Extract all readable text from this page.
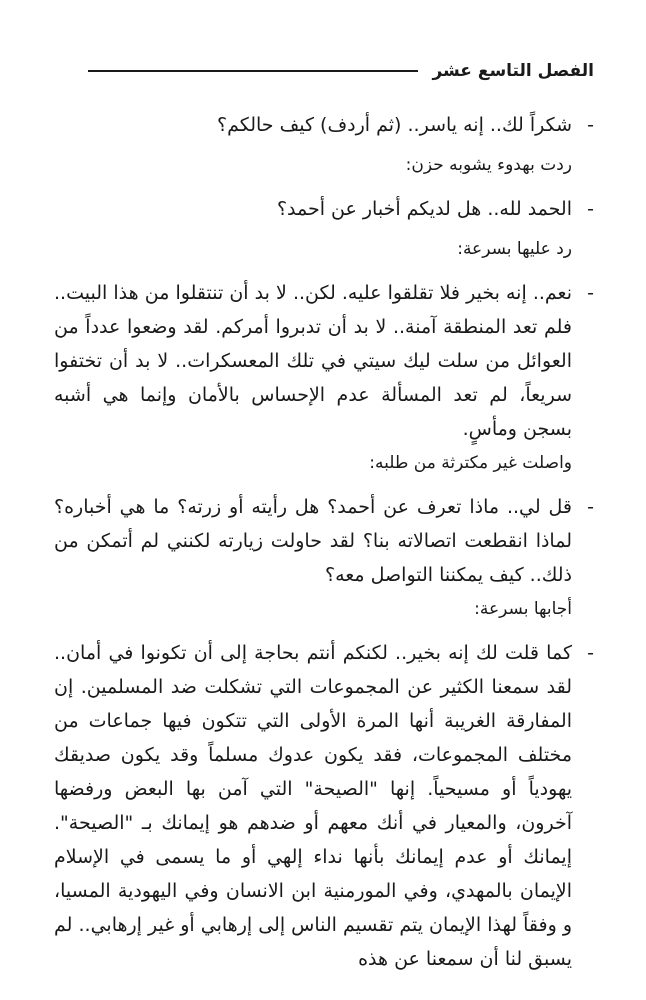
الفصل التاسع عشر

-
شكراً لك.. إنه ياسر.. (ثم أردف) كيف حالكم؟

ردت بهدوء يشوبه حزن:

-
الحمد لله.. هل لديكم أخبار عن أحمد؟

رد عليها بسرعة:

-
نعم.. إنه بخير فلا تقلقوا عليه. لكن.. لا بد أن تنتقلوا من هذا البيت.. فلم تعد المنطقة آمنة.. لا بد أن تدبروا أمركم. لقد وضعوا عدداً من العوائل من سلت ليك سيتي في تلك المعسكرات.. لا بد أن تختفوا سريعاً، لم تعد المسألة عدم الإحساس بالأمان وإنما هي أشبه بسجن ومأسٍ.

واصلت غير مكترثة من طلبه:

-
قل لي.. ماذا تعرف عن أحمد؟ هل رأيته أو زرته؟ ما هي أخباره؟ لماذا انقطعت اتصالاته بنا؟ لقد حاولت زيارته لكنني لم أتمكن من ذلك.. كيف يمكننا التواصل معه؟

أجابها بسرعة:

-
كما قلت لك إنه بخير.. لكنكم أنتم بحاجة إلى أن تكونوا في أمان.. لقد سمعنا الكثير عن المجموعات التي تشكلت ضد المسلمين. إن المفارقة الغريبة أنها المرة الأولى التي تتكون فيها جماعات من مختلف المجموعات، فقد يكون عدوك مسلماً وقد يكون صديقك يهودياً أو مسيحياً. إنها "الصيحة" التي آمن بها البعض ورفضها آخرون، والمعيار في أنك معهم أو ضدهم هو إيمانك بـ "الصيحة". إيمانك أو عدم إيمانك بأنها نداء إلهي أو ما يسمى في الإسلام الإيمان بالمهدي، وفي المورمنية ابن الانسان وفي اليهودية المسيا، و وفقاً لهذا الإيمان يتم تقسيم الناس إلى إرهابي أو غير إرهابي.. لم يسبق لنا أن سمعنا عن هذه
